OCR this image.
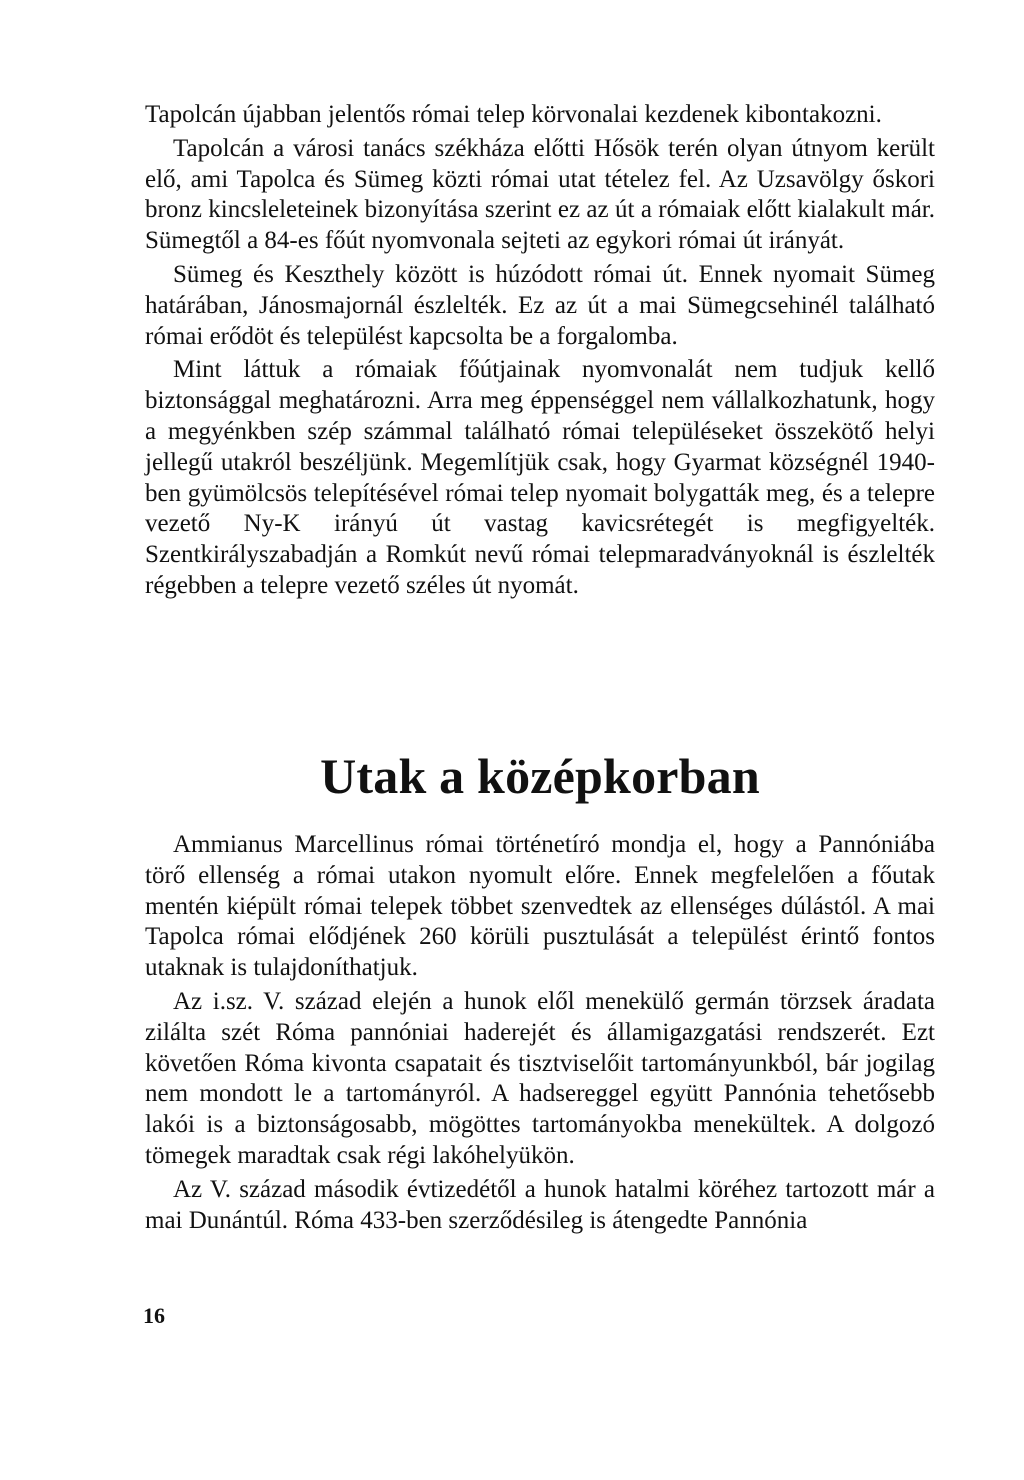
Tapolcán újabban jelentős római telep körvonalai kezdenek kibontakozni.

Tapolcán a városi tanács székháza előtti Hősök terén olyan útnyom került elő, ami Tapolca és Sümeg közti római utat tételez fel. Az Uzsavölgy őskori bronz kincsleleteinek bizonyítása szerint ez az út a rómaiak előtt kialakult már. Sümegtől a 84-es főút nyomvonala sejteti az egykori római út irányát.

Sümeg és Keszthely között is húzódott római út. Ennek nyomait Sümeg határában, Jánosmajornál észlelték. Ez az út a mai Sümegcsehinél található római erődöt és települést kapcsolta be a forgalomba.

Mint láttuk a rómaiak főútjainak nyomvonalát nem tudjuk kellő biztonsággal meghatározni. Arra meg éppenséggel nem vállalkozhatunk, hogy a megyénkben szép számmal található római településeket összekötő helyi jellegű utakról beszéljünk. Megemlítjük csak, hogy Gyarmat községnél 1940-ben gyümölcsös telepítésével római telep nyomait bolygatták meg, és a telepre vezető Ny-K irányú út vastag kavicsrétegét is megfigyelték. Szentkirályszabadján a Romkút nevű római telepmaradványoknál is észlelték régebben a telepre vezető széles út nyomát.

Utak a középkorban

Ammianus Marcellinus római történetíró mondja el, hogy a Pannóniába törő ellenség a római utakon nyomult előre. Ennek megfelelően a főutak mentén kiépült római telepek többet szenvedtek az ellenséges dúlástól. A mai Tapolca római elődjének 260 körüli pusztulását a települést érintő fontos utaknak is tulajdoníthatjuk.

Az i.sz. V. század elején a hunok elől menekülő germán törzsek áradata zilálta szét Róma pannóniai haderejét és államigazgatási rendszerét. Ezt követően Róma kivonta csapatait és tisztviselőit tartományunkból, bár jogilag nem mondott le a tartományról. A hadsereggel együtt Pannónia tehetősebb lakói is a biztonságosabb, mögöttes tartományokba menekültek. A dolgozó tömegek maradtak csak régi lakóhelyükön.

Az V. század második évtizedétől a hunok hatalmi köréhez tartozott már a mai Dunántúl. Róma 433-ben szerződésileg is átengedte Pannónia

16
